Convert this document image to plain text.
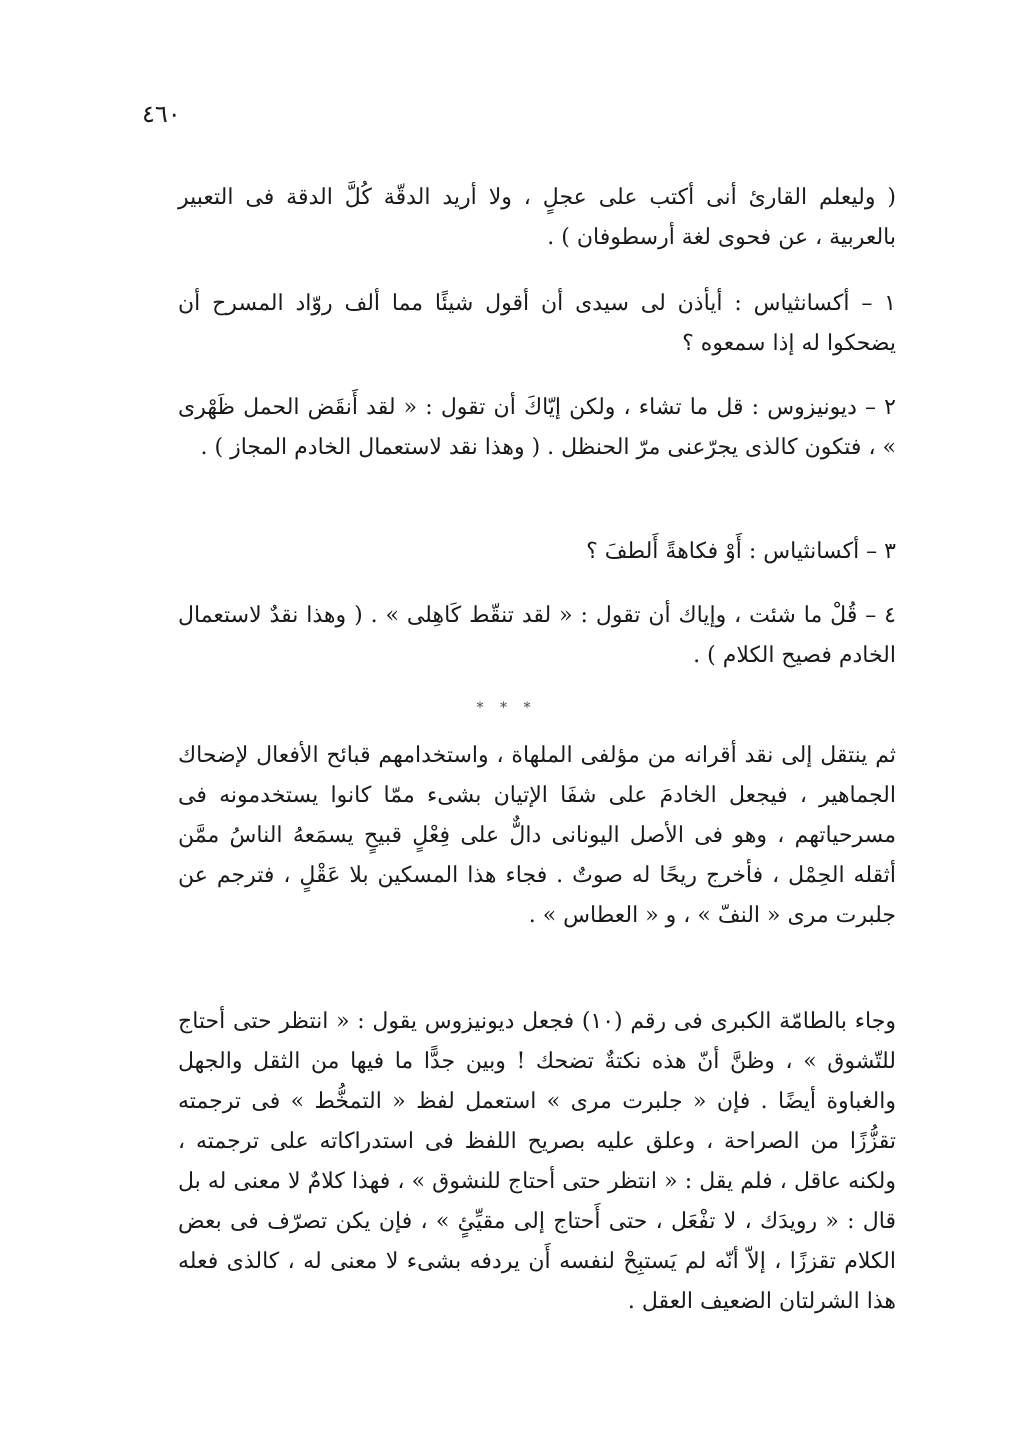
٤٦٠

( وليعلم القارئ أنى أكتب على عجلٍ ، ولا أريد الدقّة كُلَّ الدقة فى التعبير بالعربية ، عن فحوى لغة أرسطوفان ) .

١ – أكسانثياس : أيأذن لى سيدى أن أقول شيئًا مما ألف روّاد المسرح أن يضحكوا له إذا سمعوه ؟

٢ – ديونيزوس : قل ما تشاء ، ولكن إيّاكَ أن تقول : « لقد أَنقَض الحمل ظَهْرى » ، فتكون كالذى يجرّعنى مرّ الحنظل . ( وهذا نقد لاستعمال الخادم المجاز ) .

٣ – أكسانثياس : أَوْ فكاهةً أَلطفَ ؟

٤ – قُلْ ما شئت ، وإياك أن تقول : « لقد تنقّط كَاهِلى » . ( وهذا نقدٌ لاستعمال الخادم فصيح الكلام ) .

* * *

ثم ينتقل إلى نقد أقرانه من مؤلفى الملهاة ، واستخدامهم قبائح الأفعال لإضحاك الجماهير ، فيجعل الخادمَ على شفَا الإتيان بشىء ممّا كانوا يستخدمونه فى مسرحياتهم ، وهو فى الأصل اليونانى دالٌّ على فِعْلٍ قبيحٍ يسمَعهُ الناسُ ممَّن أثقله الحِمْل ، فأخرج ريحًا له صوتٌ . فجاء هذا المسكين بلا عَقْلٍ ، فترجم عن جلبرت مرى « النفّ » ، و « العطاس » .

وجاء بالطامّة الكبرى فى رقم (١٠) فجعل ديونيزوس يقول : « انتظر حتى أحتاج للتّشوق » ، وظنَّ أنّ هذه نكتةٌ تضحك ! وبين جدًّا ما فيها من الثقل والجهل والغباوة أيضًا . فإن « جلبرت مرى » استعمل لفظ « التمخُّط » فى ترجمته تقزُّزًا من الصراحة ، وعلق عليه بصريح اللفظ فى استدراكاته على ترجمته ، ولكنه عاقل ، فلم يقل : « انتظر حتى أحتاج للنشوق » ، فهذا كلامٌ لا معنى له بل قال : « رويدَك ، لا تفْعَل ، حتى أَحتاج إلى مقيِّئٍ » ، فإن يكن تصرّف فى بعض الكلام تقززًا ، إلاّ أنّه لم يَستبِحْ لنفسه أَن يردفه بشىء لا معنى له ، كالذى فعله هذا الشرلتان الضعيف العقل .
